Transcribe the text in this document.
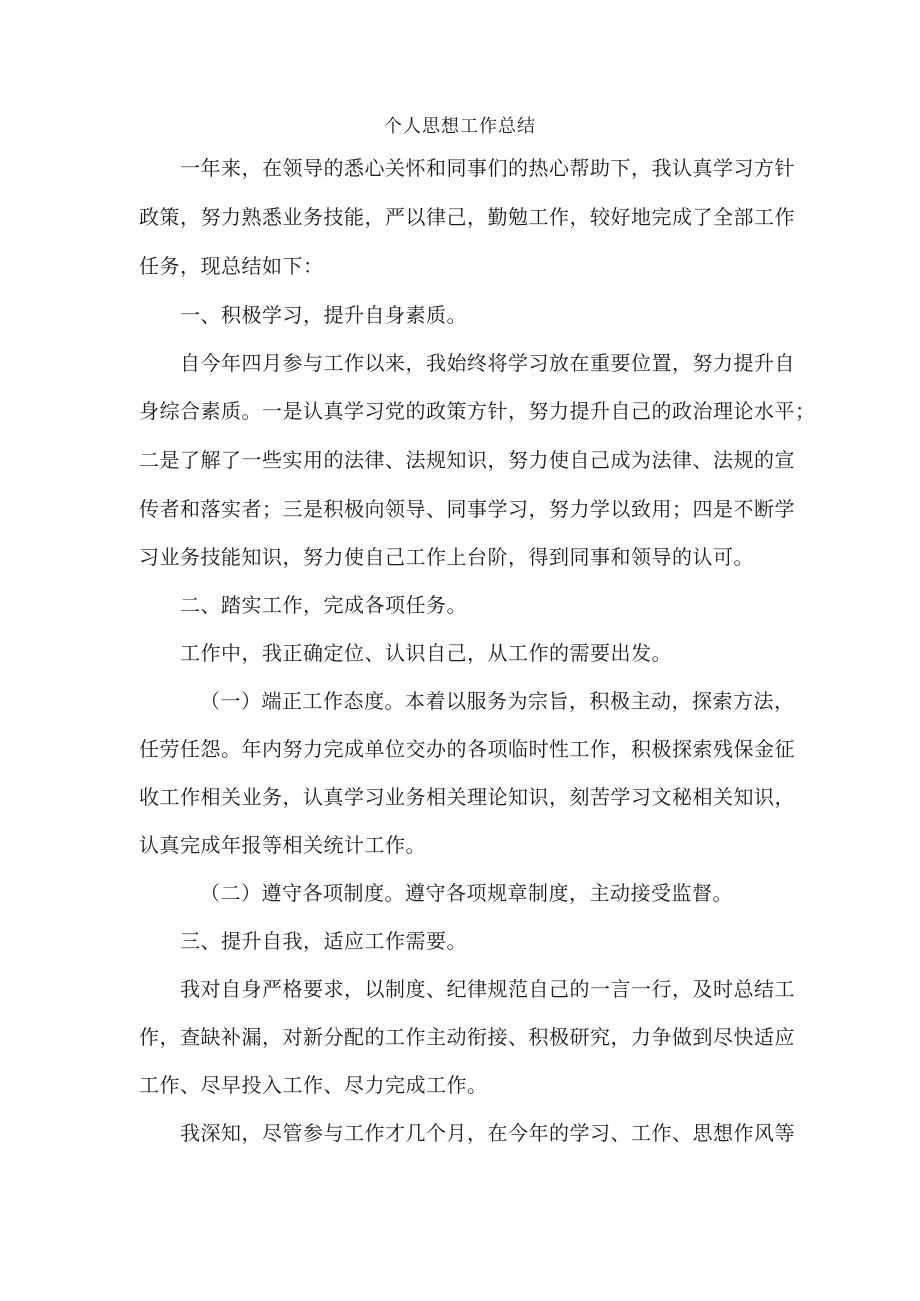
个人思想工作总结
一年来，在领导的悉心关怀和同事们的热心帮助下，我认真学习方针
政策，努力熟悉业务技能，严以律己，勤勉工作，较好地完成了全部工作
任务，现总结如下：
一、积极学习，提升自身素质。
自今年四月参与工作以来，我始终将学习放在重要位置，努力提升自
身综合素质。一是认真学习党的政策方针，努力提升自己的政治理论水平；
二是了解了一些实用的法律、法规知识，努力使自己成为法律、法规的宣
传者和落实者；三是积极向领导、同事学习，努力学以致用；四是不断学
习业务技能知识，努力使自己工作上台阶，得到同事和领导的认可。
二、踏实工作，完成各项任务。
工作中，我正确定位、认识自己，从工作的需要出发。
（一）端正工作态度。本着以服务为宗旨，积极主动，探索方法，
任劳任怨。年内努力完成单位交办的各项临时性工作，积极探索残保金征
收工作相关业务，认真学习业务相关理论知识，刻苦学习文秘相关知识，
认真完成年报等相关统计工作。
（二）遵守各项制度。遵守各项规章制度，主动接受监督。
三、提升自我，适应工作需要。
我对自身严格要求，以制度、纪律规范自己的一言一行，及时总结工
作，查缺补漏，对新分配的工作主动衔接、积极研究，力争做到尽快适应
工作、尽早投入工作、尽力完成工作。
我深知，尽管参与工作才几个月，在今年的学习、工作、思想作风等
